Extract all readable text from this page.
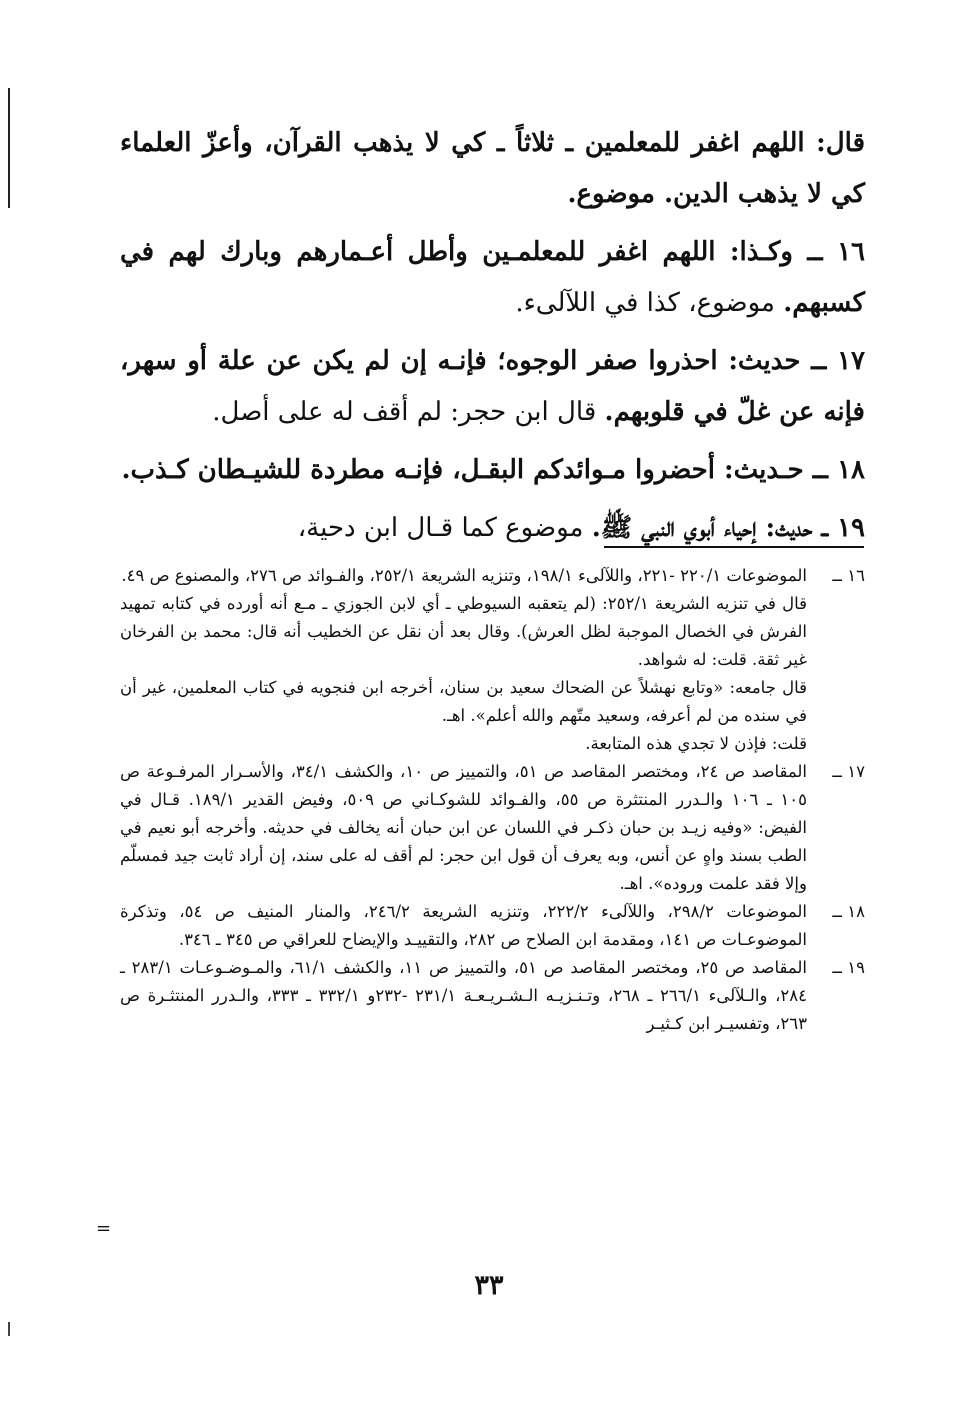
قال: اللهم اغفر للمعلمين ـ ثلاثاً ـ كي لا يذهب القرآن، وأعزّ العلماء كي لا يذهب الدين. موضوع.

١٦ ــ وكـذا: اللهم اغفر للمعلمـين وأطل أعـمارهم وبارك لهم في كسبهم. موضوع، كذا في اللآلىء.

١٧ ــ حديث: احذروا صفر الوجوه؛ فإنـه إن لم يكن عن علة أو سهر، فإنه عن غلّ في قلوبهم. قال ابن حجر: لم أقف له على أصل.

١٨ ــ حـديث: أحضروا مـوائدكم البقـل، فإنـه مطردة للشيـطان كـذب.

١٩ ــ حديث: إحياء أبوي النبي ﷺ. موضوع كما قـال ابن دحية،

١٦ ــ

الموضوعات ٢٢٠/١ -٢٢١، واللآلىء ١٩٨/١، وتنزيه الشريعة ٢٥٢/١، والفـوائد ص ٢٧٦، والمصنوع ص ٤٩.

قال في تنزيه الشريعة ٢٥٢/١: (لم يتعقبه السيوطي ـ أي لابن الجوزي ـ مـع أنه أورده في كتابه تمهيد الفرش في الخصال الموجبة لظل العرش). وقال بعد أن نقل عن الخطيب أنه قال: محمد بن الفرخان غير ثقة. قلت: له شواهد.

قال جامعه: «وتابع نهشلاً عن الضحاك سعيد بن سنان، أخرجه ابن فنجويه في كتاب المعلمين، غير أن في سنده من لم أعرفه، وسعيد متّهم والله أعلم». اهـ.

قلت: فإذن لا تجدي هذه المتابعة.

١٧ ــ

المقاصد ص ٢٤، ومختصر المقاصد ص ٥١، والتمييز ص ١٠، والكشف ٣٤/١، والأسـرار المرفـوعة ص ١٠٥ ـ ١٠٦ والـدرر المنتثرة ص ٥٥، والفـوائد للشوكـاني ص ٥٠٩، وفيض القدير ١٨٩/١. قـال في الفيض: «وفيه زيـد بن حبان ذكـر في اللسان عن ابن حبان أنه يخالف في حديثه. وأخرجه أبو نعيم في الطب بسند واهٍ عن أنس، وبه يعرف أن قول ابن حجر: لم أقف له على سند، إن أراد ثابت جيد فمسلّم وإلا فقد علمت وروده». اهـ.

١٨ ــ

الموضوعات ٢٩٨/٢، واللآلىء ٢٢٢/٢، وتنزيه الشريعة ٢٤٦/٢، والمنار المنيف ص ٥٤، وتذكرة الموضوعـات ص ١٤١، ومقدمة ابن الصلاح ص ٢٨٢، والتقييـد والإيضاح للعراقي ص ٣٤٥ ـ ٣٤٦.

١٩ ــ

المقاصد ص ٢٥، ومختصر المقاصد ص ٥١، والتمييز ص ١١، والكشف ٦١/١، والمـوضـوعـات ٢٨٣/١ ـ ٢٨٤، والـلآلىء ٢٦٦/١ ـ ٢٦٨، وتـنـزيـه الـشـريـعـة ٢٣١/١ -٢٣٢و ٣٣٢/١ ـ ٣٣٣، والـدرر المنتثـرة ص ٢٦٣، وتفسيـر ابن كـثيـر

=
٣٣
